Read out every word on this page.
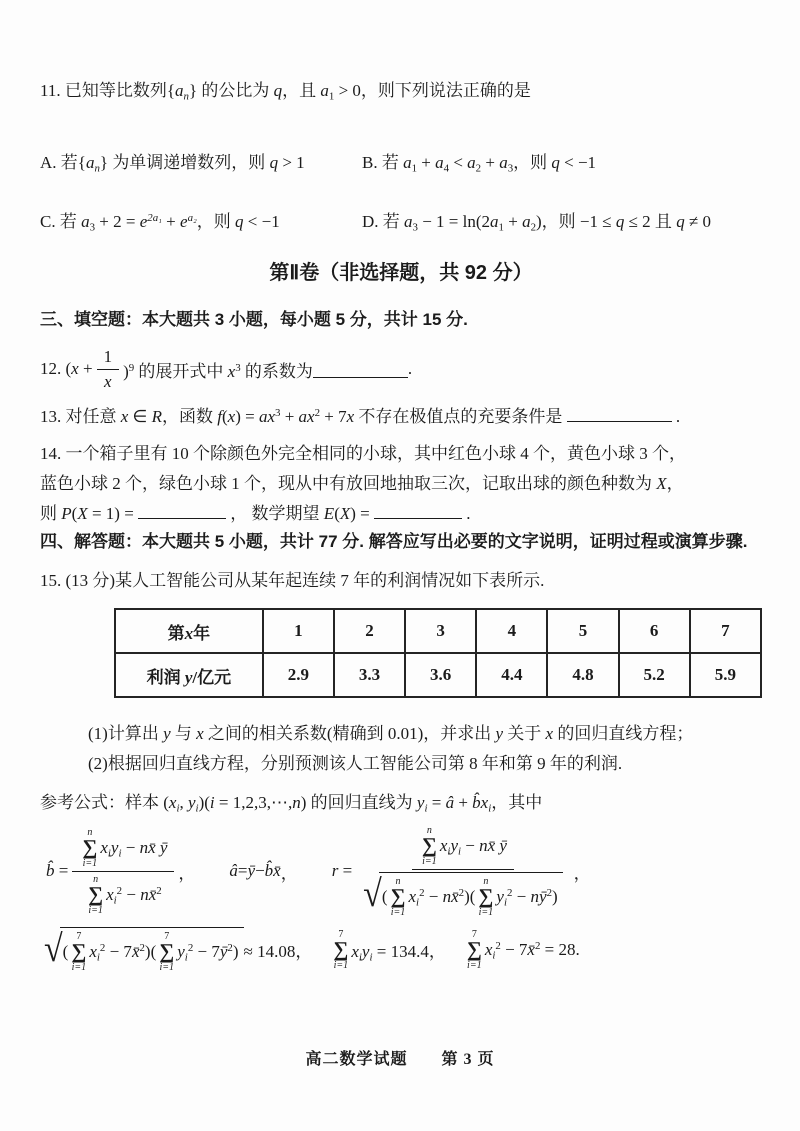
11. 已知等比数列$\{a_n\}$ 的公比为 q，且 $a_1 > 0$，则下列说法正确的是

A. 若$\{a_n\}$ 为单调递增数列，则 q > 1	B. 若 $a_1 + a_4 < a_2 + a_3$，则 q < −1
C. 若 $a_3 + 2 = e^{2a_1} + e^{a_2}$，则 q < −1	D. 若 $a_3 - 1 = \ln(2a_1 + a_2)$，则 −1 ≤ q ≤ 2 且 q ≠ 0
第Ⅱ卷（非选择题，共 92 分）
三、填空题：本大题共 3 小题，每小题 5 分，共计 15 分.
12. $(x + \frac{1}{x} )^9$ 的展开式中 $x^3$ 的系数为	.

13. 对任意 x ∈ R，函数 $f(x) = ax^3 + ax^2 + 7x$ 不存在极值点的充要条件是	.

14. 一个箱子里有 10 个除颜色外完全相同的小球，其中红色小球 4 个，黄色小球 3 个，

蓝色小球 2 个，绿色小球 1 个，现从中有放回地抽取三次，记取出球的颜色种数为 X，

则 P(X = 1) =	， 数学期望 E(X) =	.

四、解答题：本大题共 5 小题，共计 77 分. 解答应写出必要的文字说明，证明过程或演算步骤.

15. (13 分)某人工智能公司从某年起连续 7 年的利润情况如下表所示.

第x年	1	2	3	4	5	6	7
利润 y/亿元	2.9	3.3	3.6	4.4	4.8	5.2	5.9

(1)计算出 y 与 x 之间的相关系数(精确到 0.01)，并求出 y 关于 x 的回归直线方程；

(2)根据回归直线方程，分别预测该人工智能公司第 8 年和第 9 年的利润.

参考公式：样本 ($x_i$, $y_i)(i$ = 1,2,3,⋯,n) 的回归直线为 $y_i$ = â + $b̂x_i$，其中

b̂ =
n
∑
i=1
$x_iy_i$ − nx̄ ȳ
n
∑
i=1
$x_i^2$ − nx̄$^2$
， â = ȳ − b̂x̄ ， r =
n
∑
i=1
$x_iy_i$ − nx̄ ȳ
√ (
n
∑
i=1
$x_i^2$ − nx̄$^2$ )(
n
∑
i=1
$y_i^2$ − $nȳ^2$ )
，
√ (
7
∑
i=1
$x_i^2$ − 7x̄$^2$ )(
7
∑
i=1
$y_i^2$ − $7ȳ^2$ ) ≈ 14.08，
7
∑
i=1
$x_iy_i = 134.4$，
7
∑
i=1
$x_i^2$ − 7x̄$^2$ = 28.
高二数学试题　　第 3 页
